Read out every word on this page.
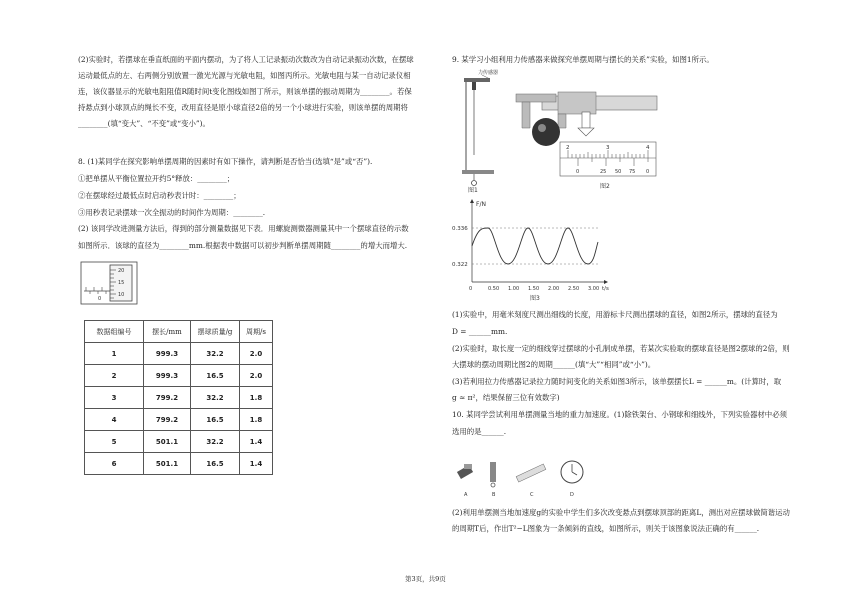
(2)实验时，若摆球在垂直纸面的平面内摆动，为了将人工记录振动次数改为自动记录振动次数，在摆球
运动最低点的左、右两侧分别放置一激光光源与光敏电阻，如图丙所示。光敏电阻与某一自动记录仪相
连，该仪器显示的光敏电阻阻值R随时间t变化图线如图丁所示，则该单摆的振动周期为________。若保
持悬点到小球顶点的绳长不变，改用直径是原小球直径2倍的另一个小球进行实验，则该单摆的周期将
________(填“变大”、“不变”或“变小”)。
8. (1)某同学在探究影响单摆周期的因素时有如下操作，请判断是否恰当(选填“是”或“否”).
①把单摆从平衡位置拉开约5°释放：________；
②在摆球经过最低点时启动秒表计时：________；
③用秒表记录摆球一次全振动的时间作为周期：________.
(2) 该同学改进测量方法后，得到的部分测量数据见下表．用螺旋测微器测量其中一个摆球直径的示数
如图所示．该球的直径为________mm.根据表中数据可以初步判断单摆周期随________的增大而增大.
20
15
10
0
数据组编号	摆长/mm	摆球质量/g	周期/s
1	999.3	32.2	2.0
2	999.3	16.5	2.0
3	799.2	32.2	1.8
4	799.2	16.5	1.8
5	501.1	32.2	1.4
6	501.1	16.5	1.4
9. 某学习小组利用力传感器来做探究单摆周期与摆长的关系”实验，如图1所示。
力传感器
图1
2	3	4
0	25 50 75 0
图2
F/N
t/s
0.336
0.322
0	0.50 1.00 1.50 2.00 2.50 3.00
图3
(1)实验中，用毫米刻度尺测出细线的长度，用游标卡尺测出摆球的直径，如图2所示，摆球的直径为
D = ______mm.
(2)实验时，取长度一定的细线穿过摆球的小孔制成单摆，若某次实验取的摆球直径是图2摆球的2倍，则
大摆球的摆动周期比图2的周期______(填“大”“相同”或“小”)。
(3)若利用拉力传感器记录拉力随时间变化的关系如图3所示，该单摆摆长L = ______m。(计算时，取
g ≈ π²，结果保留三位有效数字)
10. 某同学尝试利用单摆测量当地的重力加速度。(1)除铁架台、小钢球和细线外，下列实验器材中必须
选用的是______.
A	B	C	D
(2)利用单摆测当地加速度g的实验中学生们多次改变悬点到摆球顶部的距离L，测出对应摆球做简谐运动
的周期T后，作出T²−L图象为一条倾斜的直线，如图所示，则关于该图象说法正确的有______.
第3页，共9页
